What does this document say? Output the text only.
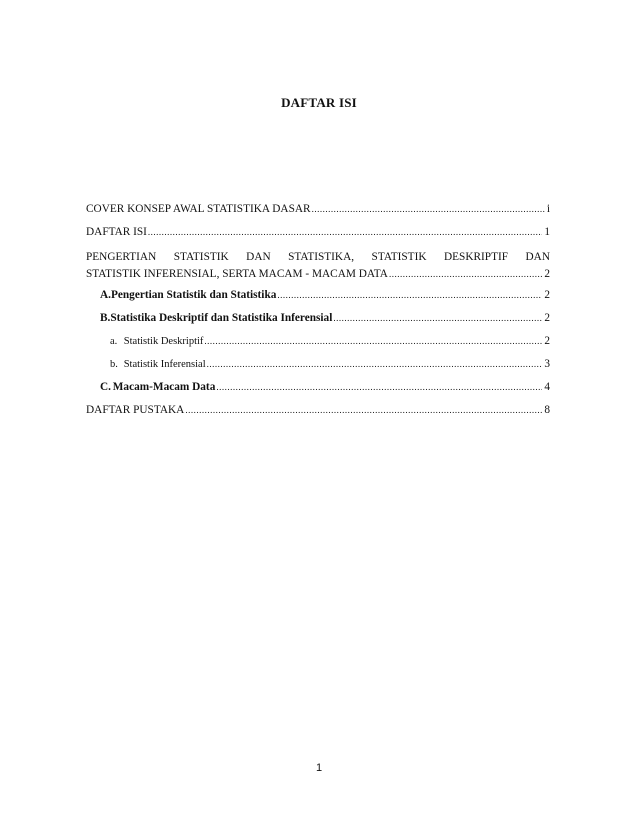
DAFTAR ISI
COVER KONSEP AWAL STATISTIKA DASAR .....	i
DAFTAR ISI .....	1
PENGERTIAN STATISTIK DAN STATISTIKA, STATISTIK DESKRIPTIF DAN
STATISTIK INFERENSIAL, SERTA MACAM - MACAM DATA .....	2
A. Pengertian Statistik dan Statistika .....	2
B. Statistika Deskriptif dan Statistika Inferensial .....	2
a. Statistik Deskriptif .....	2
b. Statistik Inferensial .....	3
C. Macam-Macam Data .....	4
DAFTAR PUSTAKA .....	8
1
